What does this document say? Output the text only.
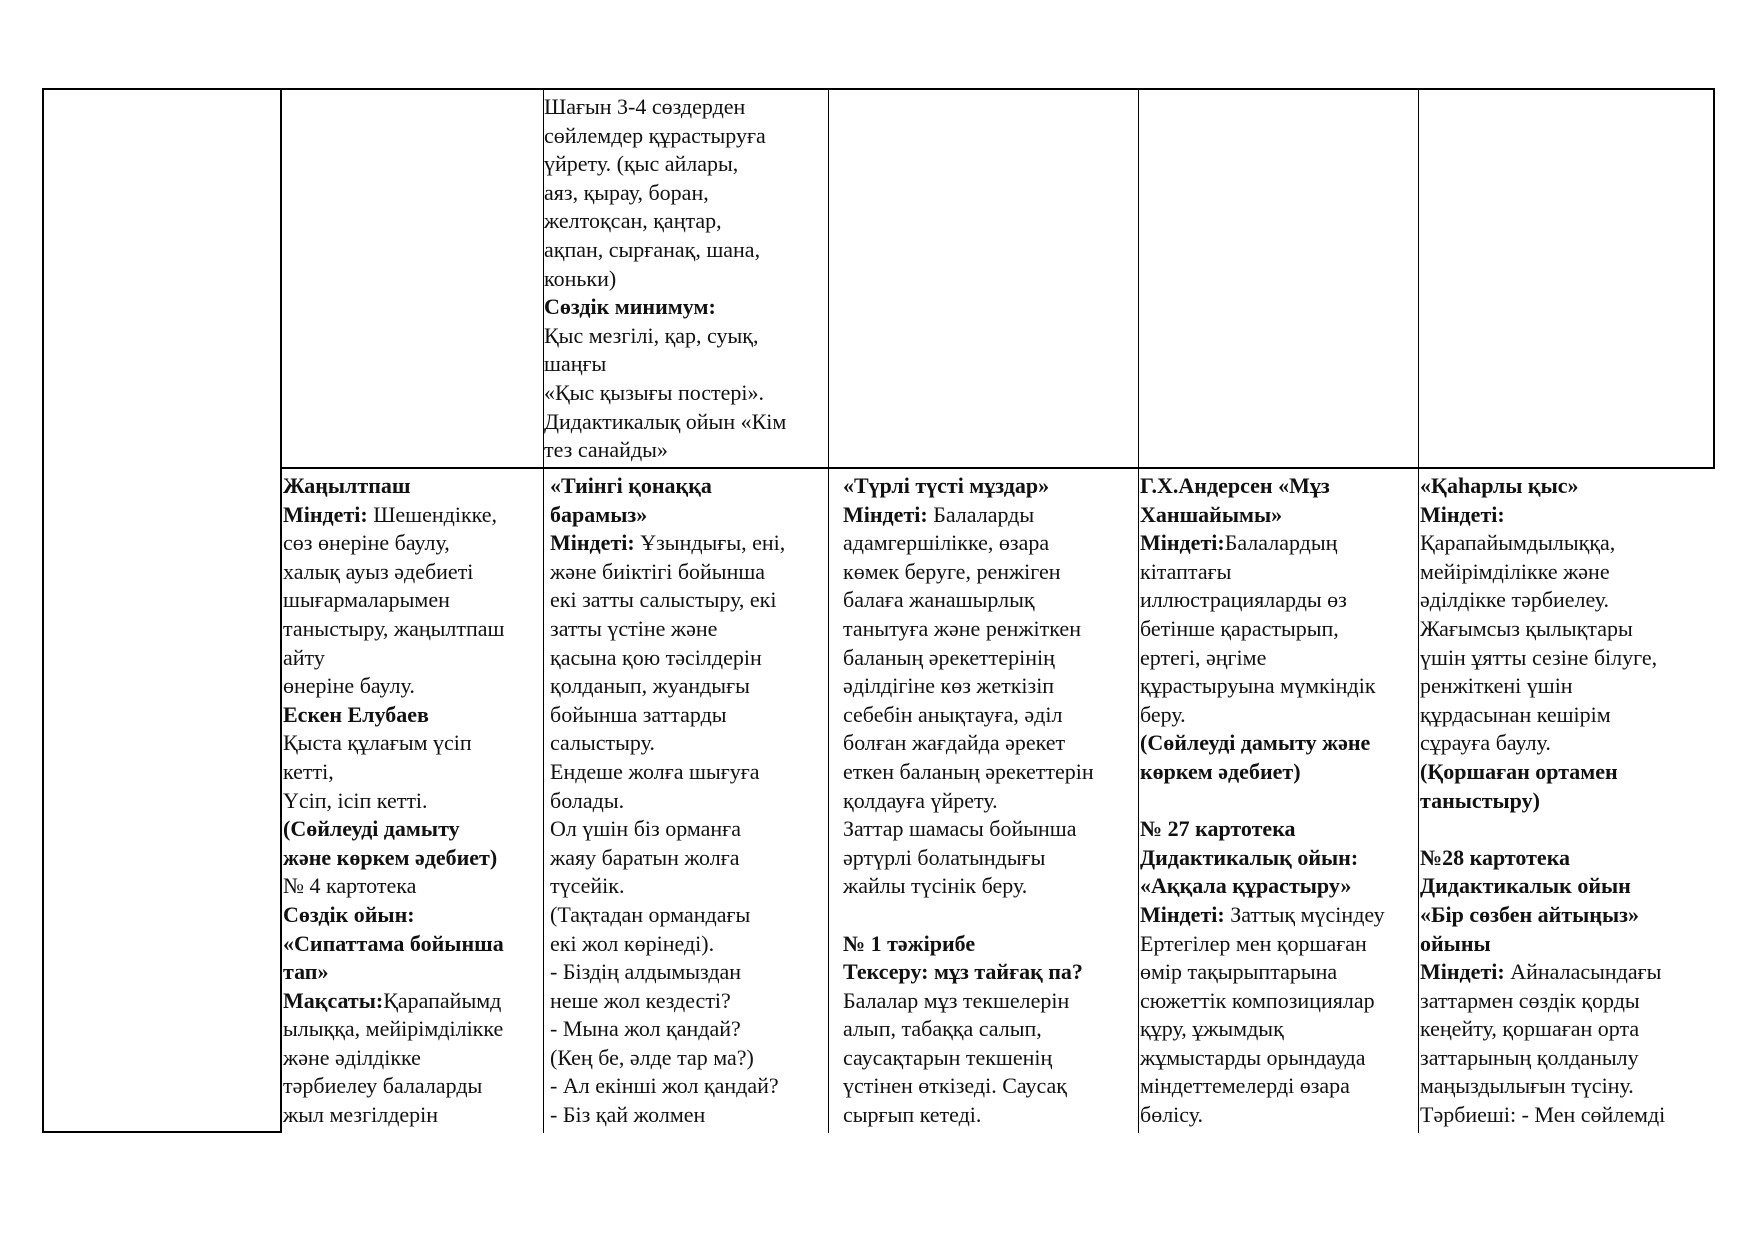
Шағын 3-4 сөздерден
сөйлемдер құрастыруға
үйрету. (қыс айлары,
аяз, қырау, боран,
желтоқсан, қаңтар,
ақпан, сырғанақ, шана,
коньки)
Сөздік минимум:
Қыс мезгілі, қар, суық,
шаңғы
«Қыс қызығы постері».
Дидактикалық ойын «Кім
тез санайды»
Жаңылтпаш
Міндеті: Шешендікке,
сөз өнеріне баулу,
халық ауыз әдебиеті
шығармаларымен
таныстыру, жаңылтпаш
айту
өнеріне баулу.
Ескен Елубаев
Қыста құлағым үсіп
кетті,
Үсіп, ісіп кетті.
(Сөйлеуді дамыту
және көркем әдебиет)
№ 4 картотека
Сөздік ойын:
«Сипаттама бойынша
тап»
Мақсаты:Қарапайымд
ылыққа, мейірімділікке
және әділдікке
тәрбиелеу балаларды
жыл мезгілдерін
«Тиінгі қонаққа
барамыз»
Міндеті: Ұзындығы, ені,
және биіктігі бойынша
екі затты салыстыру, екі
затты үстіне және
қасына қою тәсілдерін
қолданып, жуандығы
бойынша заттарды
салыстыру.
Ендеше жолға шығуға
болады.
Ол үшін біз орманға
жаяу баратын жолға
түсейік.
(Тақтадан ормандағы
екі жол көрінеді).
- Біздің алдымыздан
неше жол кездесті?
- Мына жол қандай?
(Кең бе, әлде тар ма?)
- Ал екінші жол қандай?
- Біз қай жолмен
«Түрлі түсті мұздар»
Міндеті: Балаларды
адамгершілікке, өзара
көмек беруге, ренжіген
балаға жанашырлық
танытуға және ренжіткен
баланың әрекеттерінің
әділдігіне көз жеткізіп
себебін анықтауға, әділ
болған жағдайда әрекет
еткен баланың әрекеттерін
қолдауға үйрету.
Заттар шамасы бойынша
әртүрлі болатындығы
жайлы түсінік беру.
№ 1 тәжірибе
Тексеру: мұз тайғақ па?
Балалар мұз текшелерін
алып, табаққа салып,
саусақтарын текшенің
үстінен өткізеді. Саусақ
сырғып кетеді.
Г.Х.Андерсен «Мұз
Ханшайымы»
Міндеті:Балалардың
кітаптағы
иллюстрацияларды өз
бетінше қарастырып,
ертегі, әңгіме
құрастыруына мүмкіндік
беру.
(Сөйлеуді дамыту және
көркем әдебиет)
№ 27 картотека
Дидактикалық ойын:
«Аққала құрастыру»
Міндеті: Заттық мүсіндеу
Ертегілер мен қоршаған
өмір тақырыптарына
сюжеттік композициялар
құру, ұжымдық
жұмыстарды орындауда
міндеттемелерді өзара
бөлісу.
«Қаһарлы қыс»
Міндеті:
Қарапайымдылыққа,
мейірімділікке және
әділдікке тәрбиелеу.
Жағымсыз қылықтары
үшін ұятты сезіне білуге,
ренжіткені үшін
құрдасынан кешірім
сұрауға баулу.
(Қоршаған ортамен
таныстыру)
№28 картотека
Дидактикалык ойын
«Бір сөзбен айтыңыз»
ойыны
Міндеті: Айналасындағы
заттармен сөздік қорды
кеңейту, қоршаған орта
заттарының қолданылу
маңыздылығын түсіну.
Тәрбиеші: - Мен сөйлемді
